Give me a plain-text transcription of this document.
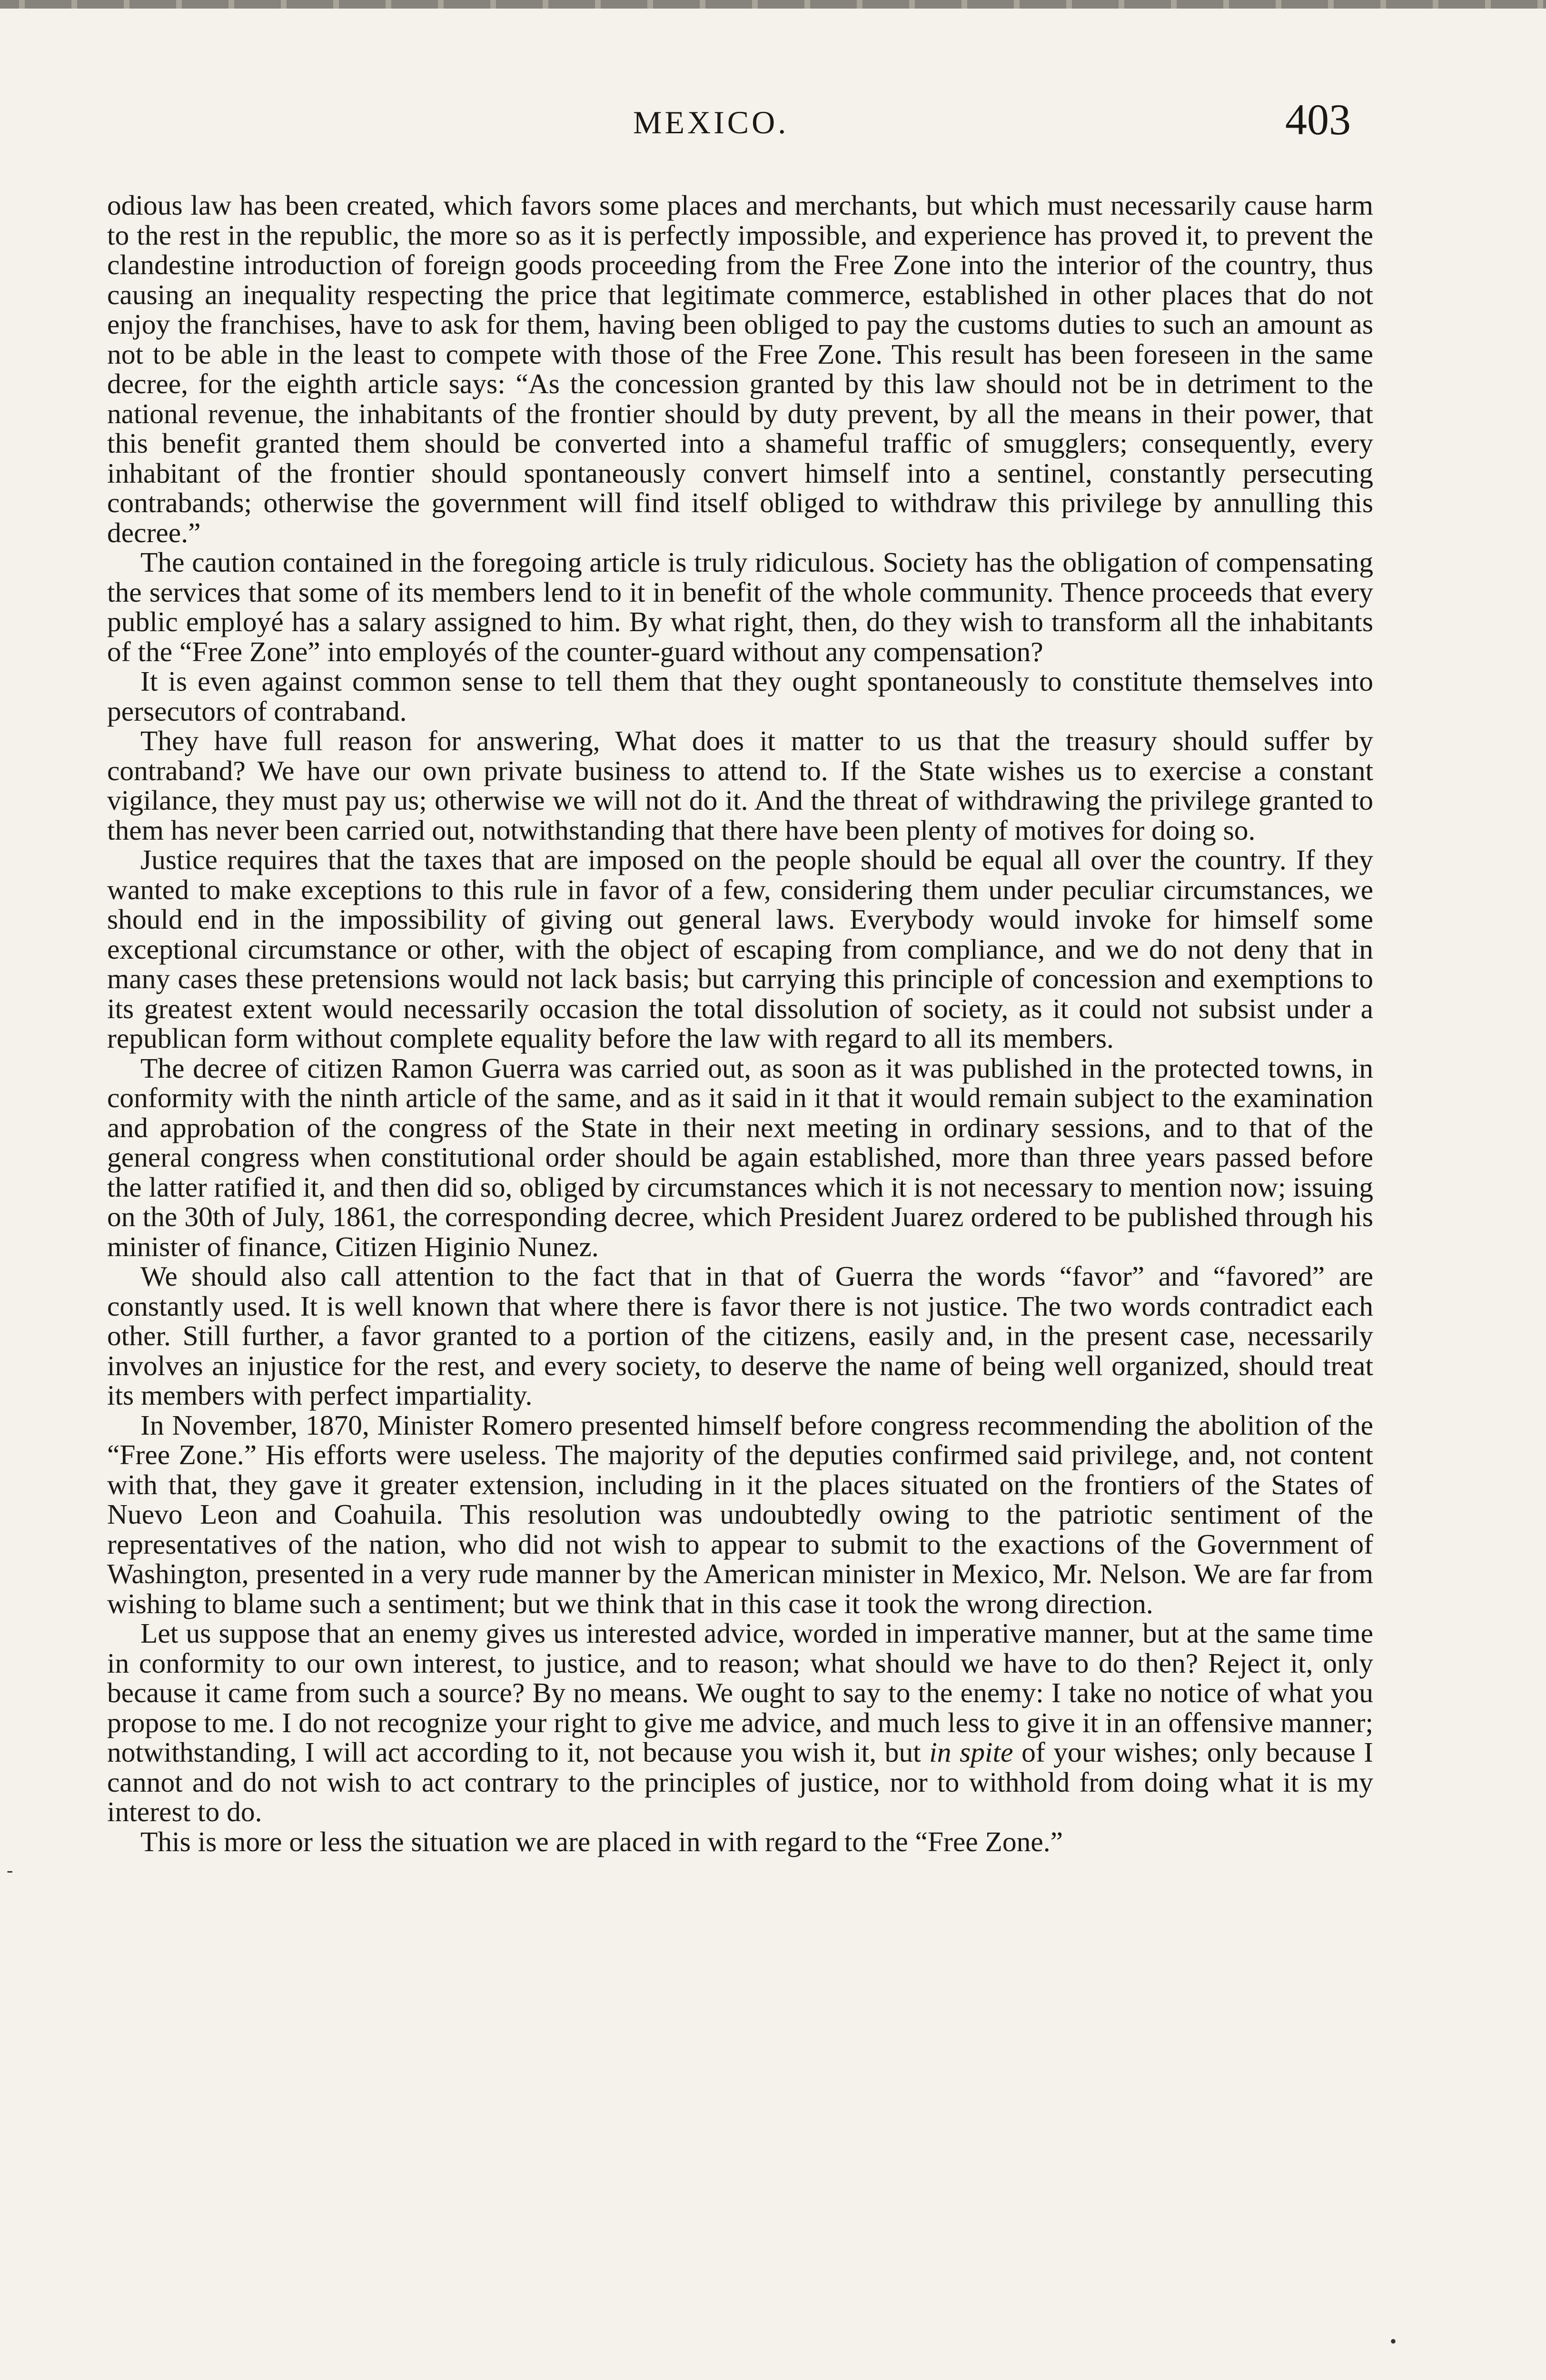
MEXICO.	403

odious law has been created, which favors some places and merchants, but which must necessarily cause harm to the rest in the republic, the more so as it is perfectly impossible, and experience has proved it, to prevent the clandestine introduction of foreign goods proceeding from the Free Zone into the interior of the country, thus causing an inequality respecting the price that legitimate commerce, established in other places that do not enjoy the franchises, have to ask for them, having been obliged to pay the customs duties to such an amount as not to be able in the least to compete with those of the Free Zone. This result has been foreseen in the same decree, for the eighth article says: “As the concession granted by this law should not be in detriment to the national revenue, the inhabitants of the frontier should by duty prevent, by all the means in their power, that this benefit granted them should be converted into a shameful traffic of smugglers; consequently, every inhabitant of the frontier should spontaneously convert himself into a sentinel, constantly persecuting contrabands; otherwise the government will find itself obliged to withdraw this privilege by annulling this decree.”

The caution contained in the foregoing article is truly ridiculous. Society has the obligation of compensating the services that some of its members lend to it in benefit of the whole community. Thence proceeds that every public employé has a salary assigned to him. By what right, then, do they wish to transform all the inhabitants of the “Free Zone” into employés of the counter-guard without any compensation?

It is even against common sense to tell them that they ought spontaneously to constitute themselves into persecutors of contraband.

They have full reason for answering, What does it matter to us that the treasury should suffer by contraband? We have our own private business to attend to. If the State wishes us to exercise a constant vigilance, they must pay us; otherwise we will not do it. And the threat of withdrawing the privilege granted to them has never been carried out, notwithstanding that there have been plenty of motives for doing so.

Justice requires that the taxes that are imposed on the people should be equal all over the country. If they wanted to make exceptions to this rule in favor of a few, considering them under peculiar circumstances, we should end in the impossibility of giving out general laws. Everybody would invoke for himself some exceptional circumstance or other, with the object of escaping from compliance, and we do not deny that in many cases these pretensions would not lack basis; but carrying this principle of concession and exemptions to its greatest extent would necessarily occasion the total dissolution of society, as it could not subsist under a republican form without complete equality before the law with regard to all its members.

The decree of citizen Ramon Guerra was carried out, as soon as it was published in the protected towns, in conformity with the ninth article of the same, and as it said in it that it would remain subject to the examination and approbation of the congress of the State in their next meeting in ordinary sessions, and to that of the general congress when constitutional order should be again established, more than three years passed before the latter ratified it, and then did so, obliged by circumstances which it is not necessary to mention now; issuing on the 30th of July, 1861, the corresponding decree, which President Juarez ordered to be published through his minister of finance, Citizen Higinio Nunez.

We should also call attention to the fact that in that of Guerra the words “favor” and “favored” are constantly used. It is well known that where there is favor there is not justice. The two words contradict each other. Still further, a favor granted to a portion of the citizens, easily and, in the present case, necessarily involves an injustice for the rest, and every society, to deserve the name of being well organized, should treat its members with perfect impartiality.

In November, 1870, Minister Romero presented himself before congress recommending the abolition of the “Free Zone.” His efforts were useless. The majority of the deputies confirmed said privilege, and, not content with that, they gave it greater extension, including in it the places situated on the frontiers of the States of Nuevo Leon and Coahuila. This resolution was undoubtedly owing to the patriotic sentiment of the representatives of the nation, who did not wish to appear to submit to the exactions of the Government of Washington, presented in a very rude manner by the American minister in Mexico, Mr. Nelson. We are far from wishing to blame such a sentiment; but we think that in this case it took the wrong direction.

Let us suppose that an enemy gives us interested advice, worded in imperative manner, but at the same time in conformity to our own interest, to justice, and to reason; what should we have to do then? Reject it, only because it came from such a source? By no means. We ought to say to the enemy: I take no notice of what you propose to me. I do not recognize your right to give me advice, and much less to give it in an offensive manner; notwithstanding, I will act according to it, not because you wish it, but in spite of your wishes; only because I cannot and do not wish to act contrary to the principles of justice, nor to withhold from doing what it is my interest to do.

This is more or less the situation we are placed in with regard to the “Free Zone.”

-
•
